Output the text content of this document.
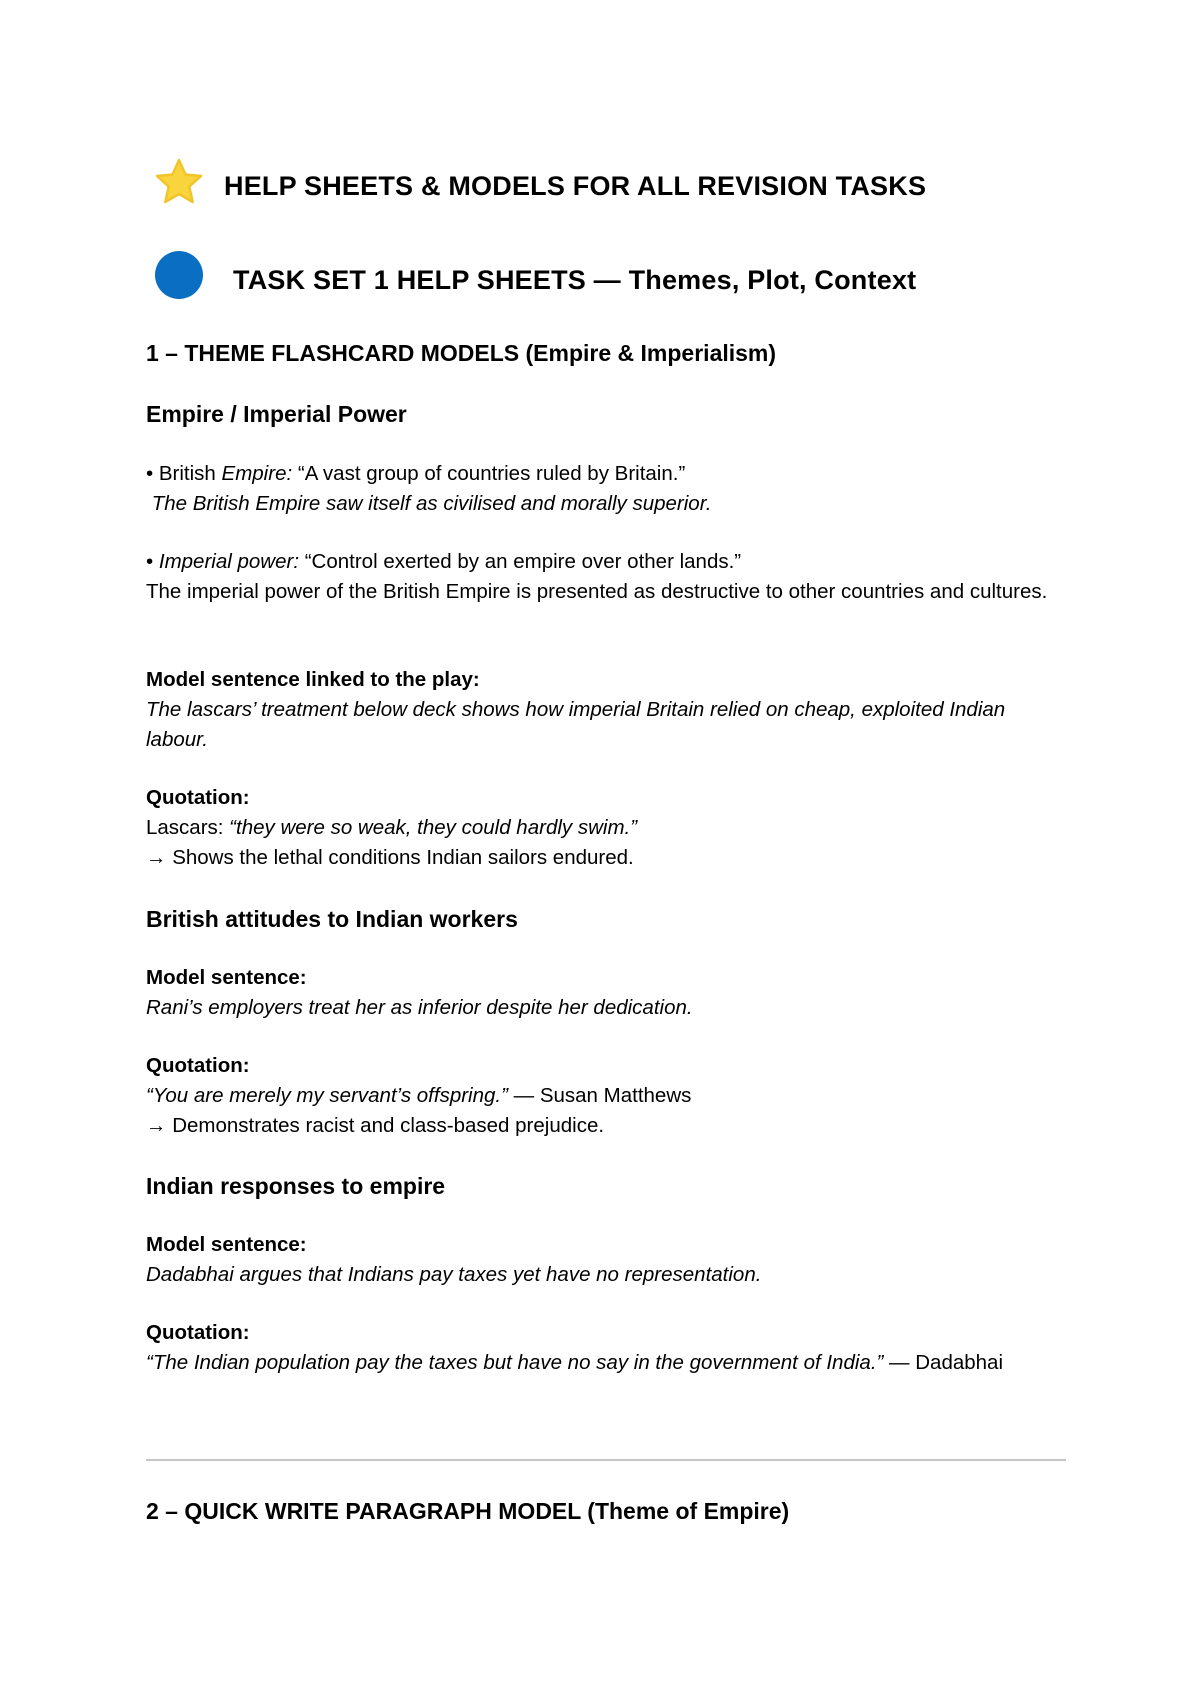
HELP SHEETS & MODELS FOR ALL REVISION TASKS
TASK SET 1 HELP SHEETS — Themes, Plot, Context
1 – THEME FLASHCARD MODELS (Empire & Imperialism)
Empire / Imperial Power
• British Empire: “A vast group of countries ruled by Britain.”
The British Empire saw itself as civilised and morally superior.
• Imperial power: “Control exerted by an empire over other lands.”
The imperial power of the British Empire is presented as destructive to other countries and cultures.
Model sentence linked to the play:
The lascars’ treatment below deck shows how imperial Britain relied on cheap, exploited Indian labour.
Quotation:
Lascars: “they were so weak, they could hardly swim.”
→ Shows the lethal conditions Indian sailors endured.
British attitudes to Indian workers
Model sentence:
Rani’s employers treat her as inferior despite her dedication.
Quotation:
“You are merely my servant’s offspring.” — Susan Matthews
→ Demonstrates racist and class-based prejudice.
Indian responses to empire
Model sentence:
Dadabhai argues that Indians pay taxes yet have no representation.
Quotation:
“The Indian population pay the taxes but have no say in the government of India.” — Dadabhai
2 – QUICK WRITE PARAGRAPH MODEL (Theme of Empire)
